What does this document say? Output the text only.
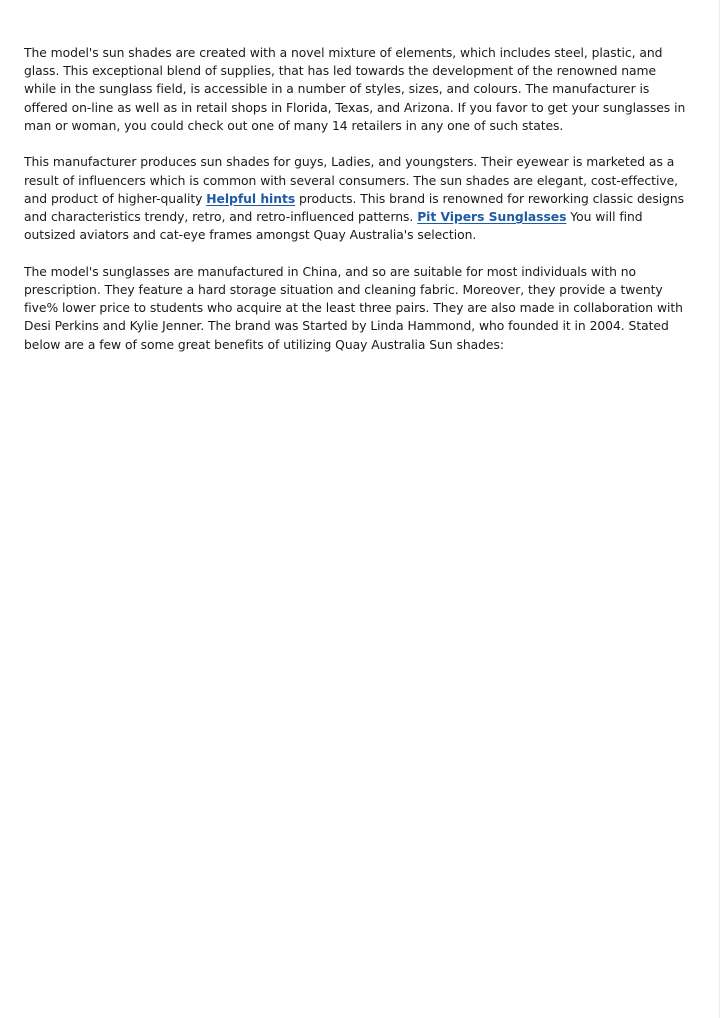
The model's sun shades are created with a novel mixture of elements, which includes steel, plastic, and glass. This exceptional blend of supplies, that has led towards the development of the renowned name while in the sunglass field, is accessible in a number of styles, sizes, and colours. The manufacturer is offered on-line as well as in retail shops in Florida, Texas, and Arizona. If you favor to get your sunglasses in man or woman, you could check out one of many 14 retailers in any one of such states.

This manufacturer produces sun shades for guys, Ladies, and youngsters. Their eyewear is marketed as a result of influencers which is common with several consumers. The sun shades are elegant, cost-effective, and product of higher-quality Helpful hints products. This brand is renowned for reworking classic designs and characteristics trendy, retro, and retro-influenced patterns. Pit Vipers Sunglasses You will find outsized aviators and cat-eye frames amongst Quay Australia's selection.

The model's sunglasses are manufactured in China, and so are suitable for most individuals with no prescription. They feature a hard storage situation and cleaning fabric. Moreover, they provide a twenty five% lower price to students who acquire at the least three pairs. They are also made in collaboration with Desi Perkins and Kylie Jenner. The brand was Started by Linda Hammond, who founded it in 2004. Stated below are a few of some great benefits of utilizing Quay Australia Sun shades:
